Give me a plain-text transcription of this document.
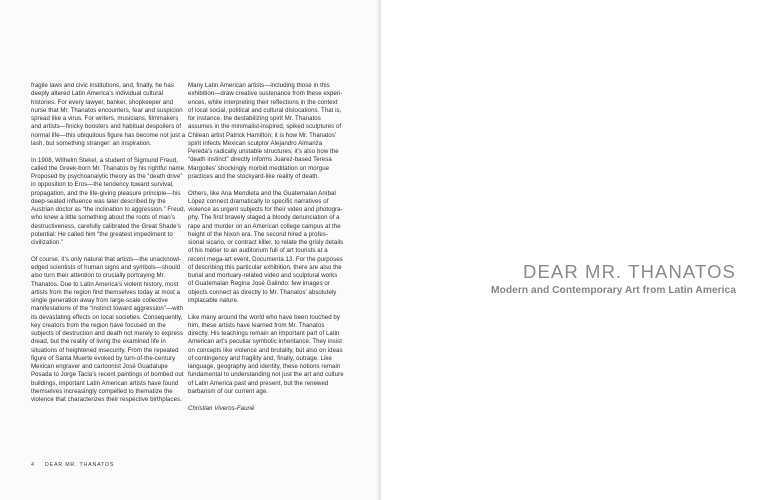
fragile laws and civic institutions, and, finally, he has deeply altered Latin America’s individual cultural histories. For every lawyer, banker, shopkeeper and nurse that Mr. Thanatos encounters, fear and suspicion spread like a virus. For writers, musicians, filmmakers and artists—finicky boosters and habitual despoilers of normal life—this ubiquitous figure has become not just a lash, but something stranger: an inspiration.

In 1908, Wilhelm Stekel, a student of Sigmund Freud, called the Greek-born Mr. Thanatos by his rightful name. Proposed by psychoanalytic theory as the “death drive” in opposition to Eros—the tendency toward survival, propagation, and the life-giving pleasure principle—his deep-seated influence was later described by the Austrian doctor as “the inclination to aggression.” Freud, who knew a little something about the roots of man’s destructiveness, carefully calibrated the Great Shade’s potential: He called him “the greatest impediment to civilization.”

Of course, it’s only natural that artists—the unacknowl-edged scientists of human signs and symbols—should also turn their attention to crucially portraying Mr. Thanatos. Due to Latin America’s violent history, most artists from the region find themselves today at most a single generation away from large-scale collective manifestations of the “instinct toward aggression”—with its devastating effects on local societies. Consequently, key creators from the region have focused on the subjects of destruction and death not merely to express dread, but the reality of living the examined life in situations of heightened insecurity. From the repeated figure of Santa Muerte evoked by turn-of-the-century Mexican engraver and cartoonist José Guadalupe Posada to Jorge Tacla’s recent paintings of bombed out buildings, important Latin American artists have found themselves increasingly compelled to thematize the violence that characterizes their respective birthplaces.

Many Latin American artists—including those in this exhibition—draw creative sustenance from these experi-ences, while interpreting their reflections in the context of local social, political and cultural dislocations. That is, for instance, the destabilizing spirit Mr. Thanatos assumes in the minimalist-inspired, spiked sculptures of Chilean artist Patrick Hamilton; it is how Mr. Thanatos’ spirit infects Mexican sculptor Alejandro Almanza Pereda’s radically unstable structures; it’s also how the “death instinct” directly informs Juarez-based Teresa Margolles’ shockingly morbid meditation on morgue practices and the stockyard-like reality of death.

Others, like Ana Mendieta and the Guatemalan Aníbal López connect dramatically to specific narratives of violence as urgent subjects for their video and photogra-phy. The first bravely staged a bloody denunciation of a rape and murder on an American college campus at the height of the Nixon era. The second hired a profes-sional sicario, or contract killer, to relate the grisly details of his métier to an auditorium full of art tourists at a recent mega-art event, Documenta 13. For the purposes of describing this particular exhibition, there are also the burial and mortuary-related video and sculptural works of Guatemalan Regina José Galindo: few images or objects connect as directly to Mr. Thanatos’ absolutely implacable nature.

Like many around the world who have been touched by him, these artists have learned from Mr. Thanatos directly. His teachings remain an important part of Latin American art’s peculiar symbolic inheritance. They insist on concepts like violence and brutality, but also on ideas of contingency and fragility and, finally, outrage. Like language, geography and identity, these notions remain fundamental to understanding not just the art and culture of Latin America past and present, but the renewed barbarism of our current age.

Christian Viveros-Fauné

4 DEAR MR. THANATOS
DEAR MR. THANATOS
Modern and Contemporary Art from Latin America
